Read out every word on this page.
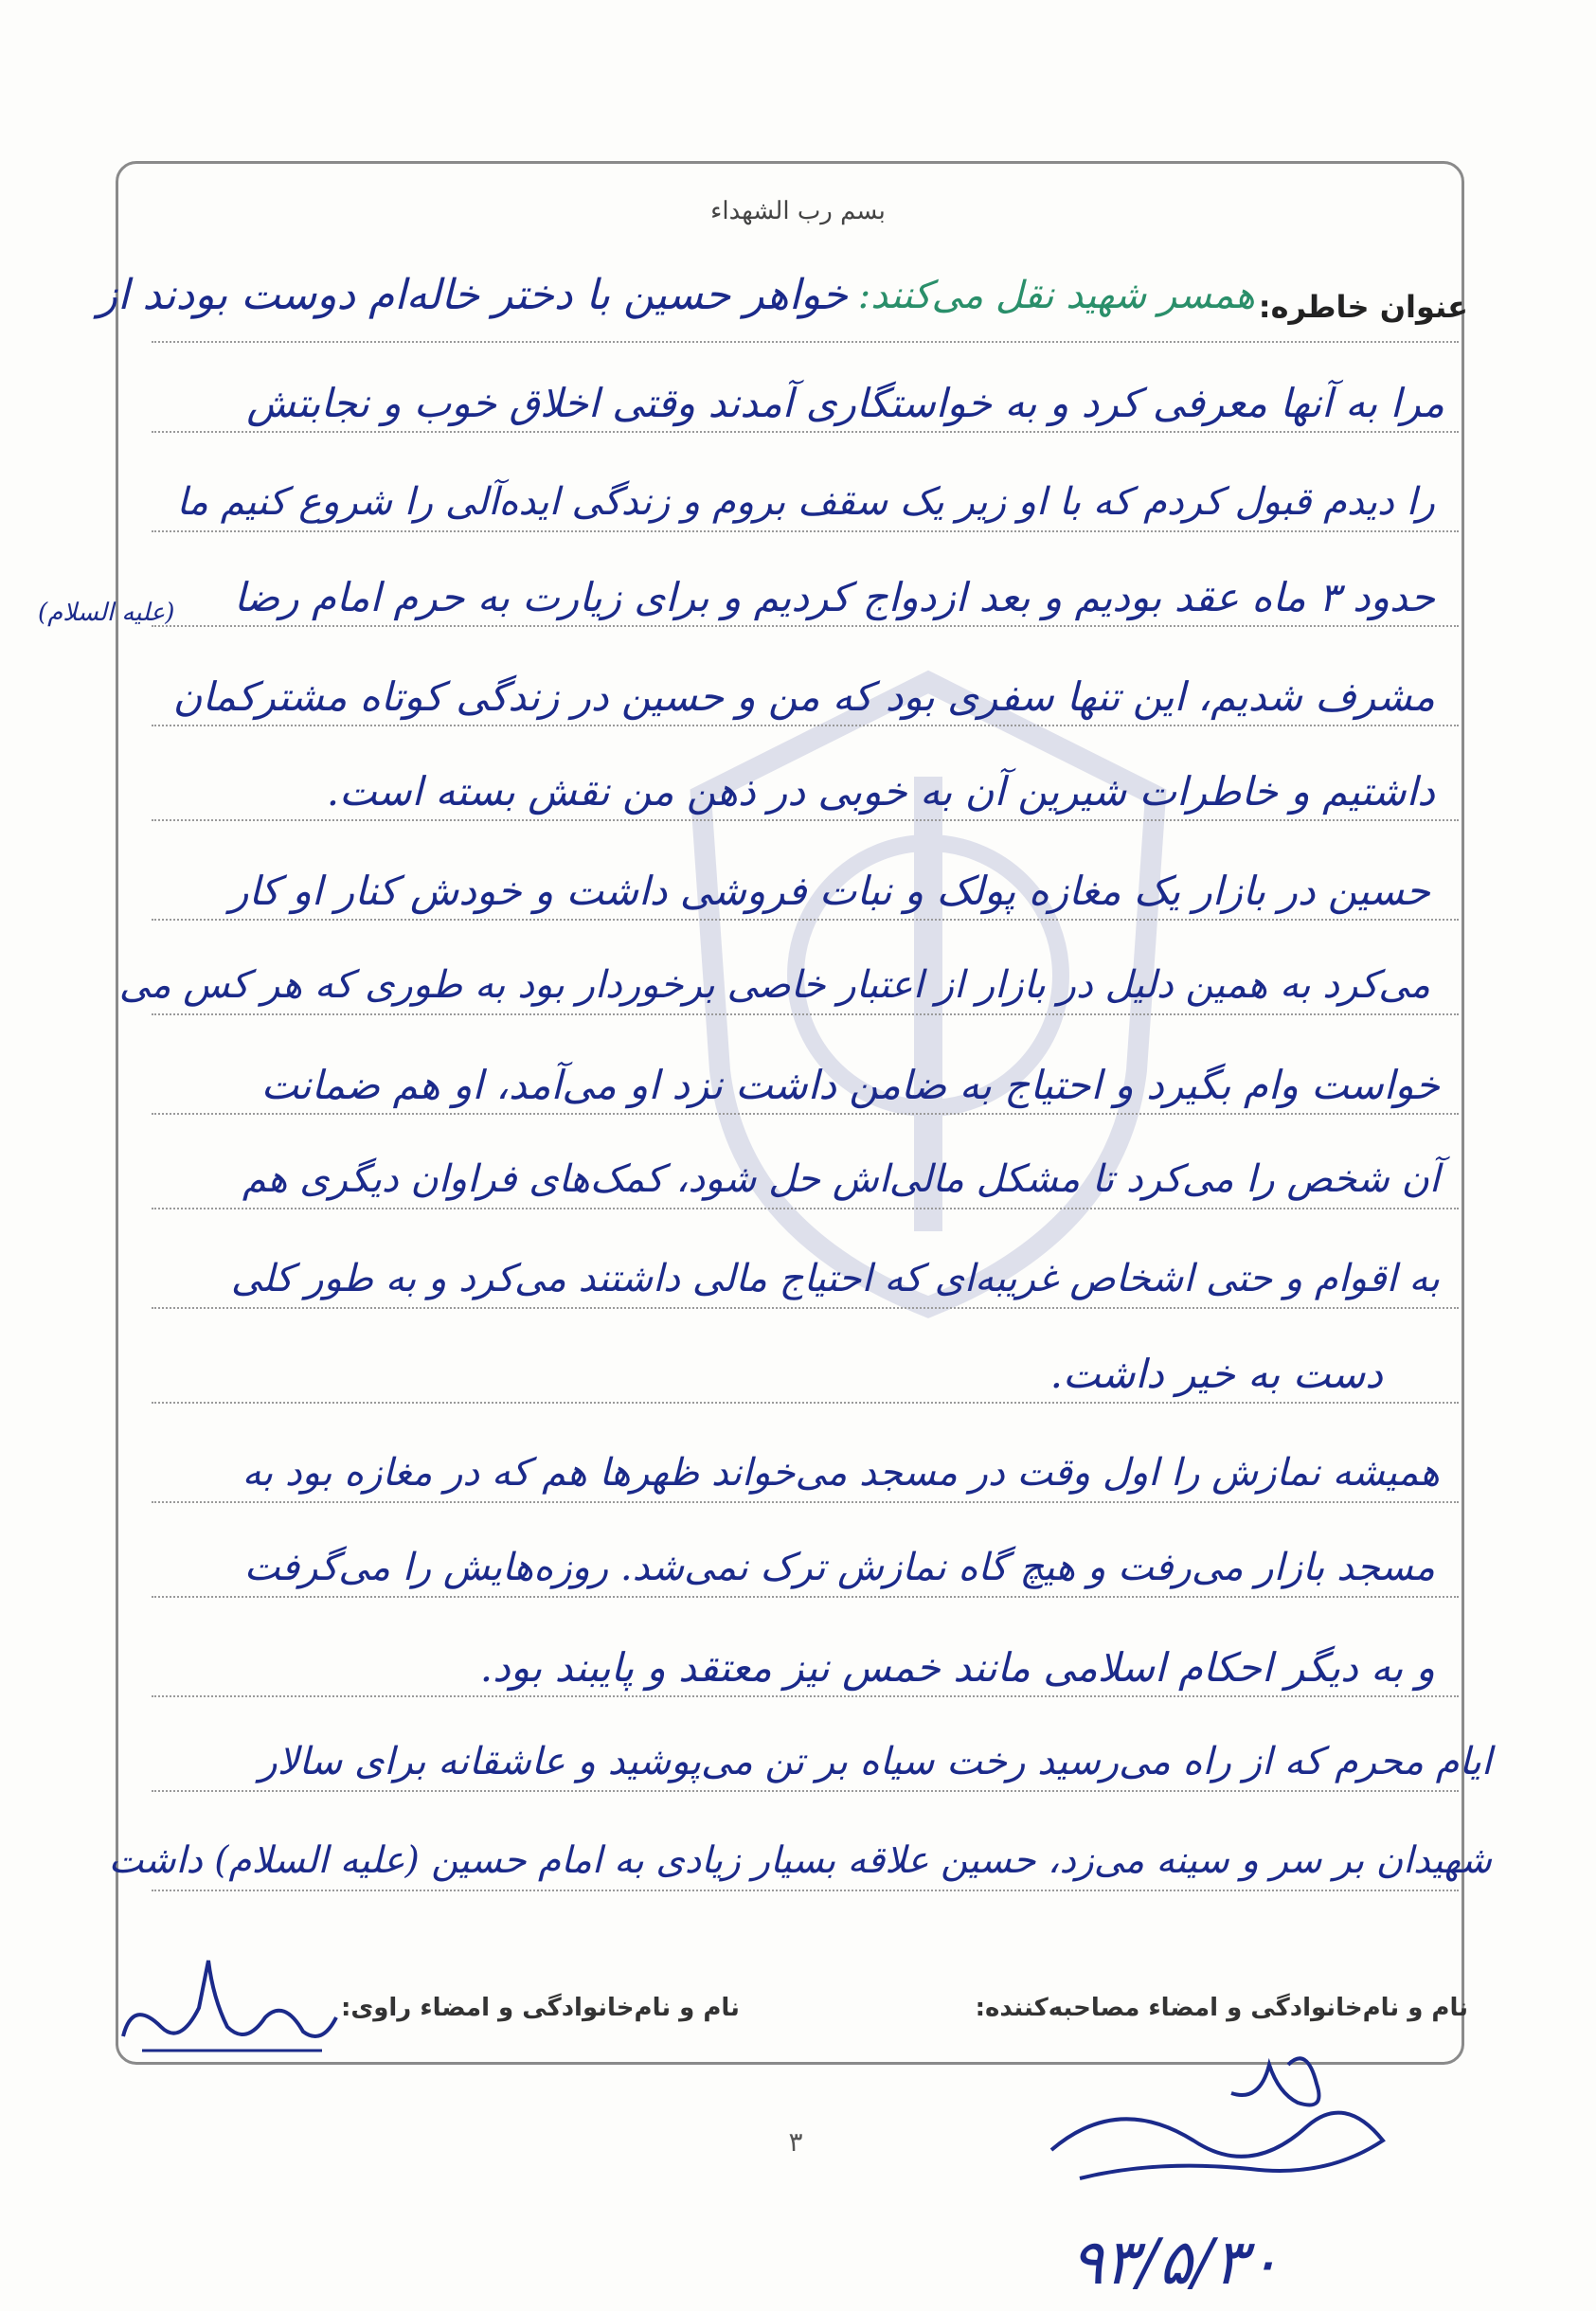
بسم رب الشهداء
عنوان خاطره:
همسر شهید نقل می‌کنند:
خواهر حسین با دختر خاله‌ام دوست بودند از
مرا به آنها معرفی کرد و به خواستگاری آمدند وقتی اخلاق خوب و نجابتش
را دیدم قبول کردم که با او زیر یک سقف بروم و زندگی ایده‌آلی را شروع کنیم ما
حدود ۳ ماه عقد بودیم و بعد ازدواج کردیم و برای زیارت به حرم امام رضا
(علیه السلام)
مشرف شدیم، این تنها سفری بود که من و حسین در زندگی کوتاه مشترکمان
داشتیم و خاطرات شیرین آن به خوبی در ذهن من نقش بسته است.
حسین در بازار یک مغازه پولک و نبات فروشی داشت و خودش کنار او کار
می‌کرد به همین دلیل در بازار از اعتبار خاصی برخوردار بود به طوری که هر کس می
خواست وام بگیرد و احتیاج به ضامن داشت نزد او می‌آمد، او هم ضمانت
آن شخص را می‌کرد تا مشکل مالی‌اش حل شود، کمک‌های فراوان دیگری هم
به اقوام و حتی اشخاص غریبه‌ای که احتیاج مالی داشتند می‌کرد و به طور کلی
دست به خیر داشت.
همیشه نمازش را اول وقت در مسجد می‌خواند ظهرها هم که در مغازه بود به
مسجد بازار می‌رفت و هیچ گاه نمازش ترک نمی‌شد. روزه‌هایش را می‌گرفت
و به دیگر احکام اسلامی مانند خمس نیز معتقد و پایبند بود.
ایام محرم که از راه می‌رسید رخت سیاه بر تن می‌پوشید و عاشقانه برای سالار
شهیدان بر سر و سینه می‌زد، حسین علاقه بسیار زیادی به امام حسین (علیه السلام) داشت
نام و نام‌خانوادگی و امضاء مصاحبه‌کننده:
نام و نام‌خانوادگی و امضاء راوی:
۳
۹۳/۵/۳۰
